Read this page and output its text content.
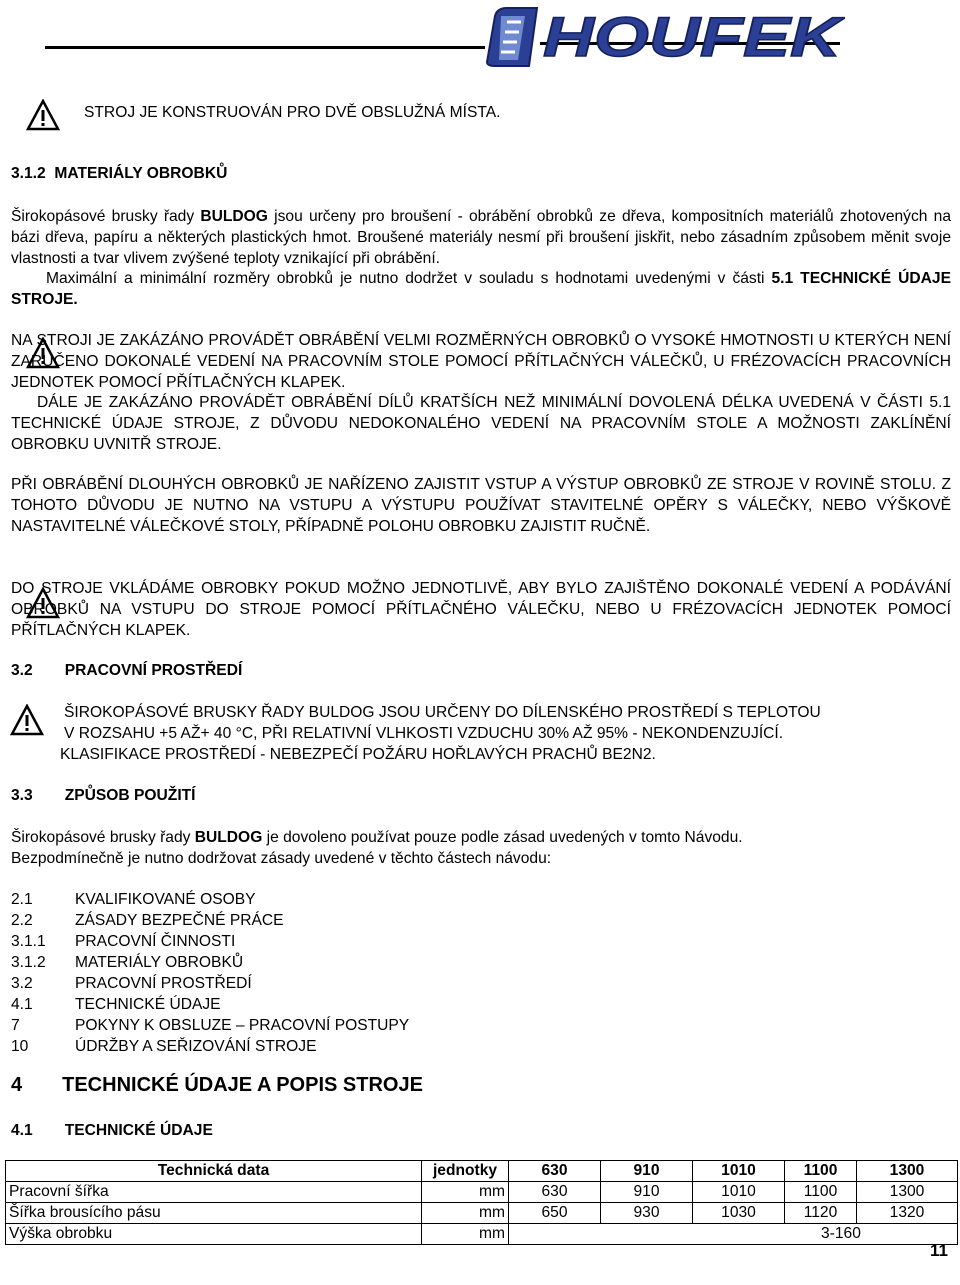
HOUFEK
STROJ JE KONSTRUOVÁN PRO DVĚ OBSLUŽNÁ MÍSTA.
3.1.2 MATERIÁLY OBROBKŮ
Širokopásové brusky řady BULDOG jsou určeny pro broušení - obrábění obrobků ze dřeva, kompositních materiálů zhotovených na bázi dřeva, papíru a některých plastických hmot. Broušené materiály nesmí při broušení jiskřit, nebo zásadním způsobem měnit svoje vlastnosti a tvar vlivem zvýšené teploty vznikající při obrábění.
Maximální a minimální rozměry obrobků je nutno dodržet v souladu s hodnotami uvedenými v části 5.1 TECHNICKÉ ÚDAJE STROJE.
NA STROJI JE ZAKÁZÁNO PROVÁDĚT OBRÁBĚNÍ VELMI ROZMĚRNÝCH OBROBKŮ O VYSOKÉ HMOTNOSTI U KTERÝCH NENÍ ZARUČENO DOKONALÉ VEDENÍ NA PRACOVNÍM STOLE POMOCÍ PŘÍTLAČNÝCH VÁLEČKŮ, U FRÉZOVACÍCH PRACOVNÍCH JEDNOTEK POMOCÍ PŘÍTLAČNÝCH KLAPEK.
DÁLE JE ZAKÁZÁNO PROVÁDĚT OBRÁBĚNÍ DÍLŮ KRATŠÍCH NEŽ MINIMÁLNÍ DOVOLENÁ DÉLKA UVEDENÁ V ČÁSTI 5.1 TECHNICKÉ ÚDAJE STROJE, Z DŮVODU NEDOKONALÉHO VEDENÍ NA PRACOVNÍM STOLE A MOŽNOSTI ZAKLÍNĚNÍ OBROBKU UVNITŘ STROJE.
PŘI OBRÁBĚNÍ DLOUHÝCH OBROBKŮ JE NAŘÍZENO ZAJISTIT VSTUP A VÝSTUP OBROBKŮ ZE STROJE V ROVINĚ STOLU. Z TOHOTO DŮVODU JE NUTNO NA VSTUPU A VÝSTUPU POUŽÍVAT STAVITELNÉ OPĚRY S VÁLEČKY, NEBO VÝŠKOVĚ NASTAVITELNÉ VÁLEČKOVÉ STOLY, PŘÍPADNĚ POLOHU OBROBKU ZAJISTIT RUČNĚ.
DO STROJE VKLÁDÁME OBROBKY POKUD MOŽNO JEDNOTLIVĚ, ABY BYLO ZAJIŠTĚNO DOKONALÉ VEDENÍ A PODÁVÁNÍ OBROBKŮ NA VSTUPU DO STROJE POMOCÍ PŘÍTLAČNÉHO VÁLEČKU, NEBO U FRÉZOVACÍCH JEDNOTEK POMOCÍ PŘÍTLAČNÝCH KLAPEK.
3.2 PRACOVNÍ PROSTŘEDÍ
ŠIROKOPÁSOVÉ BRUSKY ŘADY BULDOG JSOU URČENY DO DÍLENSKÉHO PROSTŘEDÍ S TEPLOTOU
V ROZSAHU +5 AŽ+ 40 °C, PŘI RELATIVNÍ VLHKOSTI VZDUCHU 30% AŽ 95% - NEKONDENZUJÍCÍ.
KLASIFIKACE PROSTŘEDÍ - NEBEZPEČÍ POŽÁRU HOŘLAVÝCH PRACHŮ BE2N2.
3.3 ZPŮSOB POUŽITÍ
Širokopásové brusky řady BULDOG je dovoleno používat pouze podle zásad uvedených v tomto Návodu.
Bezpodmínečně je nutno dodržovat zásady uvedené v těchto částech návodu:
2.1	KVALIFIKOVANÉ OSOBY
2.2	ZÁSADY BEZPEČNÉ PRÁCE
3.1.1 PRACOVNÍ ČINNOSTI
3.1.2 MATERIÁLY OBROBKŮ
3.2	PRACOVNÍ PROSTŘEDÍ
4.1	TECHNICKÉ ÚDAJE
7	POKYNY K OBSLUZE – PRACOVNÍ POSTUPY
10	ÚDRŽBY A SEŘIZOVÁNÍ STROJE
4 TECHNICKÉ ÚDAJE A POPIS STROJE
4.1 TECHNICKÉ ÚDAJE
Technická data	jednotky	630	910	1010	1100	1300
Pracovní šířka	mm	630	910	1010	1100	1300
Šířka brousícího pásu	mm	650	930	1030	1120	1320
Výška obrobku	mm	3-160				
11
